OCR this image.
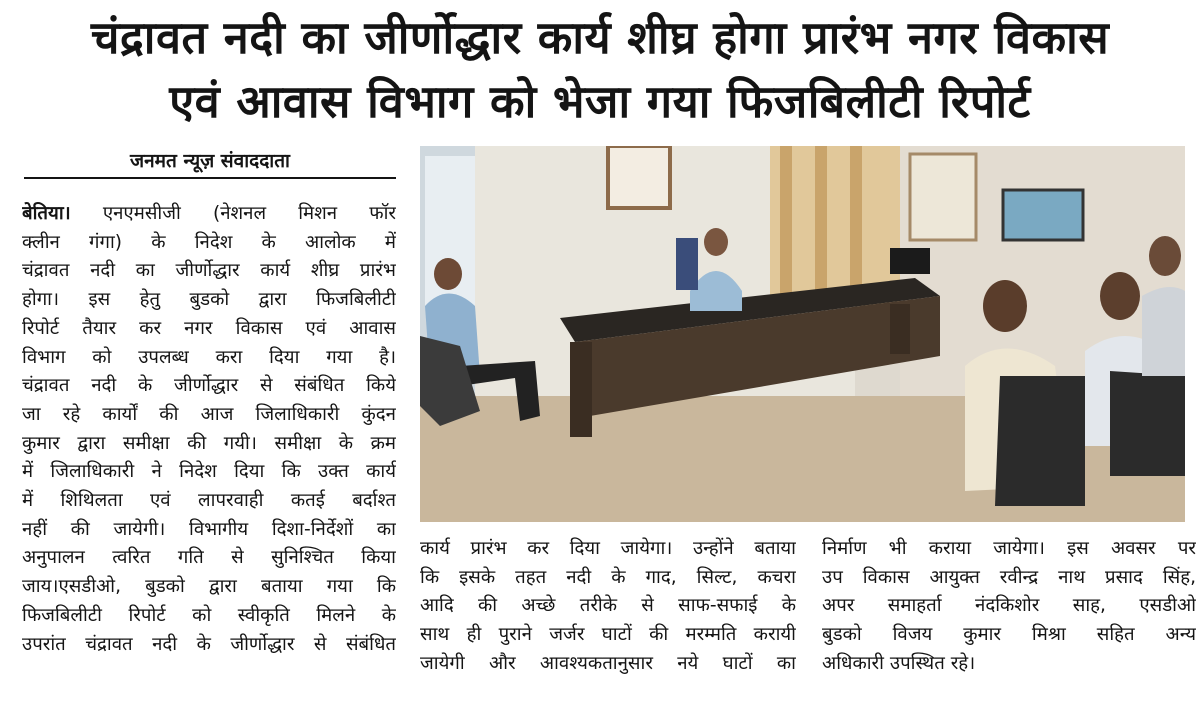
चंद्रावत नदी का जीर्णोद्धार कार्य शीघ्र होगा प्रारंभ नगर विकास
एवं आवास विभाग को भेजा गया फिजबिलीटी रिपोर्ट
जनमत न्यूज़ संवाददाता
बेतिया। एनएमसीजी (नेशनल मिशन फॉर
क्लीन गंगा) के निदेश के आलोक में
चंद्रावत नदी का जीर्णोद्धार कार्य शीघ्र प्रारंभ
होगा। इस हेतु बुडको द्वारा फिजबिलीटी
रिपोर्ट तैयार कर नगर विकास एवं आवास
विभाग को उपलब्ध करा दिया गया है।
चंद्रावत नदी के जीर्णोद्धार से संबंधित किये
जा रहे कार्यों की आज जिलाधिकारी कुंदन
कुमार द्वारा समीक्षा की गयी। समीक्षा के क्रम
में जिलाधिकारी ने निदेश दिया कि उक्त कार्य
में शिथिलता एवं लापरवाही कतई बर्दाश्त
नहीं की जायेगी। विभागीय दिशा-निर्देशों का
अनुपालन त्वरित गति से सुनिश्चित किया
जाय।एसडीओ, बुडको द्वारा बताया गया कि
फिजबिलीटी रिपोर्ट को स्वीकृति मिलने के
उपरांत चंद्रावत नदी के जीर्णोद्धार से संबंधित
कार्य प्रारंभ कर दिया जायेगा। उन्होंने बताया
कि इसके तहत नदी के गाद, सिल्ट, कचरा
आदि की अच्छे तरीके से साफ-सफाई के
साथ ही पुराने जर्जर घाटों की मरम्मति करायी
जायेगी और आवश्यकतानुसार नये घाटों का
निर्माण भी कराया जायेगा। इस अवसर पर
उप विकास आयुक्त रवीन्द्र नाथ प्रसाद सिंह,
अपर समाहर्ता नंदकिशोर साह, एसडीओ
बुडको विजय कुमार मिश्रा सहित अन्य
अधिकारी उपस्थित रहे।
